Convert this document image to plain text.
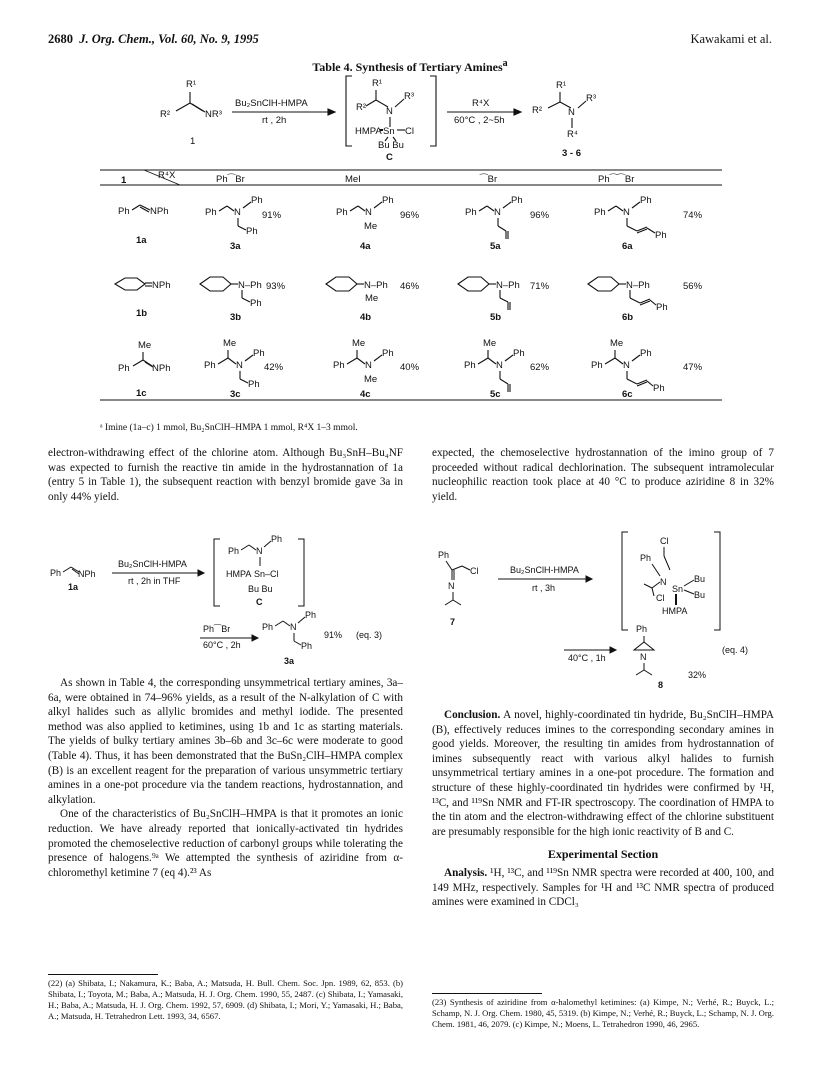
2680 J. Org. Chem., Vol. 60, No. 9, 1995	Kawakami et al.
Table 4. Synthesis of Tertiary Amines$^a$
R¹
R²	NR³
1
Bu₂SnClH-HMPA
rt , 2h
R¹
R² N
R³
HMPA Sn Cl
Bu Bu
C
R⁴X
60°C , 2~5h
R¹
R²	N
R³
R⁴
3 - 6
1	R⁴X	Ph⁀Br	MeI	⁀Br	Ph⁀⁀Br
Ph NPh
NPh
Me
Ph NPh
1a
1b
1c
Ph N
Ph
Ph
Ph N
Ph
Me
Ph N
Ph
Ph N
Ph
Ph
N–Ph
Ph
N–Ph
Me
N–Ph	N–Ph
Ph
Me
Ph N
Ph
Ph
Me
Ph N
Ph
Me
Me
Ph N
Ph
Me
Ph N
Ph
Ph
91%	96%	96%	74%
3a	4a	5a	6a
93%	46%	71%	56%
3b	4b	5b	6b
42%	40%	62%	47%
3c	4c	5c	6c
ᵃ Imine (1a–c) 1 mmol, Bu₂SnClH–HMPA 1 mmol, R⁴X 1–3 mmol.

electron-withdrawing effect of the chlorine atom. Although Bu₃SnH–Bu₄NF was expected to furnish the reactive tin amide in the hydrostannation of 1a (entry 5 in Table 1), the subsequent reaction with benzyl bromide gave 3a in only 44% yield.

Ph NPh
1a
Bu₂SnClH-HMPA
rt , 2h in THF
Ph N
Ph
HMPA Sn–Cl
Bu Bu
C
Ph⁀Br
60°C , 2h
Ph N
Ph
Ph
91% (eq. 3)
3a

As shown in Table 4, the corresponding unsymmetrical tertiary amines, 3a–6a, were obtained in 74–96% yields, as a result of the N-alkylation of C with alkyl halides such as allylic bromides and methyl iodide. The presented method was also applied to ketimines, using 1b and 1c as starting materials. The yields of bulky tertiary amines 3b–6b and 3c–6c were moderate to good (Table 4). Thus, it has been demonstrated that the BuSn₂ClH–HMPA complex (B) is an excellent reagent for the preparation of various unsymmetric tertiary amines in a one-pot procedure via the tandem reactions, hydrostannation, and alkylation.

One of the characteristics of Bu₂SnClH–HMPA is that it promotes an ionic reduction. We have already reported that ionically-activated tin hydrides promoted the chemoselective reduction of carbonyl groups while tolerating the presence of halogens.⁹ᵃ We attempted the synthesis of aziridine from α-chloromethyl ketimine 7 (eq 4).²³ As

(22) (a) Shibata, I.; Nakamura, K.; Baba, A.; Matsuda, H. Bull. Chem. Soc. Jpn. 1989, 62, 853. (b) Shibata, I.; Toyota, M.; Baba, A.; Matsuda, H. J. Org. Chem. 1990, 55, 2487. (c) Shibata, I.; Yamasaki, H.; Baba, A.; Matsuda, H. J. Org. Chem. 1992, 57, 6909. (d) Shibata, I.; Mori, Y.; Yamasaki, H.; Baba, A.; Matsuda, H. Tetrahedron Lett. 1993, 34, 6567.

expected, the chemoselective hydrostannation of the imino group of 7 proceeded without radical dechlorination. The subsequent intramolecular nucleophilic reaction took place at 40 °C to produce aziridine 8 in 32% yield.

Ph
Cl
N
7
Bu₂SnClH-HMPA
rt , 3h
Cl
Ph
N
Sn
Bu
Bu
Cl
HMPA
40°C , 1h
Ph
N
(eq. 4)
32%
8

Conclusion. A novel, highly-coordinated tin hydride, Bu₂SnClH–HMPA (B), effectively reduces imines to the corresponding secondary amines in good yields. Moreover, the resulting tin amides from hydrostannation of imines subsequently react with various alkyl halides to furnish unsymmetrical tertiary amines in a one-pot procedure. The formation and structure of these highly-coordinated tin hydrides were confirmed by ¹H, ¹³C, and ¹¹⁹Sn NMR and FT-IR spectroscopy. The coordination of HMPA to the tin atom and the electron-withdrawing effect of the chlorine substituent are presumably responsible for the high ionic reactivity of B and C.

Experimental Section

Analysis. ¹H, ¹³C, and ¹¹⁹Sn NMR spectra were recorded at 400, 100, and 149 MHz, respectively. Samples for ¹H and ¹³C NMR spectra of produced amines were examined in CDCl₃

(23) Synthesis of aziridine from α-halomethyl ketimines: (a) Kimpe, N.; Verhé, R.; Buyck, L.; Schamp, N. J. Org. Chem. 1980, 45, 5319. (b) Kimpe, N.; Verhé, R.; Buyck, L.; Schamp, N. J. Org. Chem. 1981, 46, 2079. (c) Kimpe, N.; Moens, L. Tetrahedron 1990, 46, 2965.
